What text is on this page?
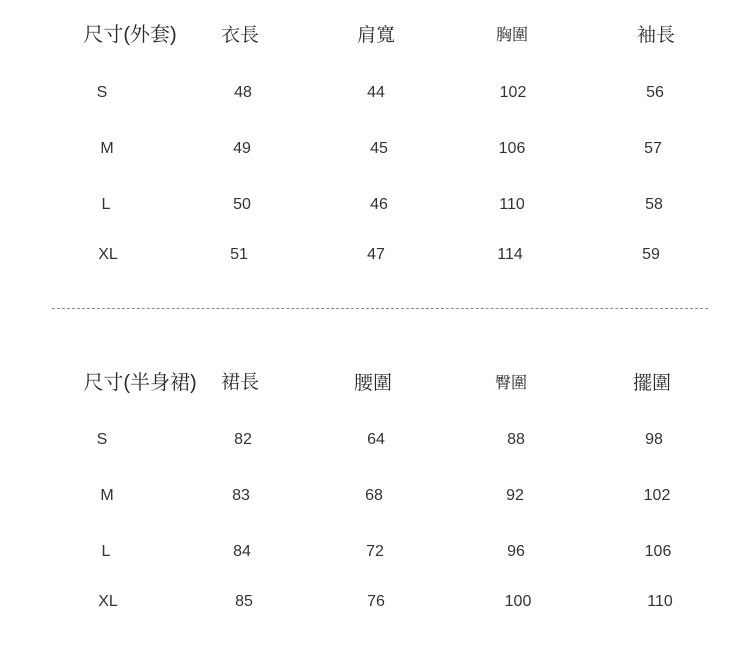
尺寸(外套) 衣長	肩寬	胸圍	袖長
S	48	44	102	56
M	49	45	106	57
L	50	46	110	58
XL	51	47	114	59
尺寸(半身裙) 裙長	腰圍	臀圍	擺圍
S	82	64	88	98
M	83	68	92	102
L	84	72	96	106
XL	85	76	100	110
